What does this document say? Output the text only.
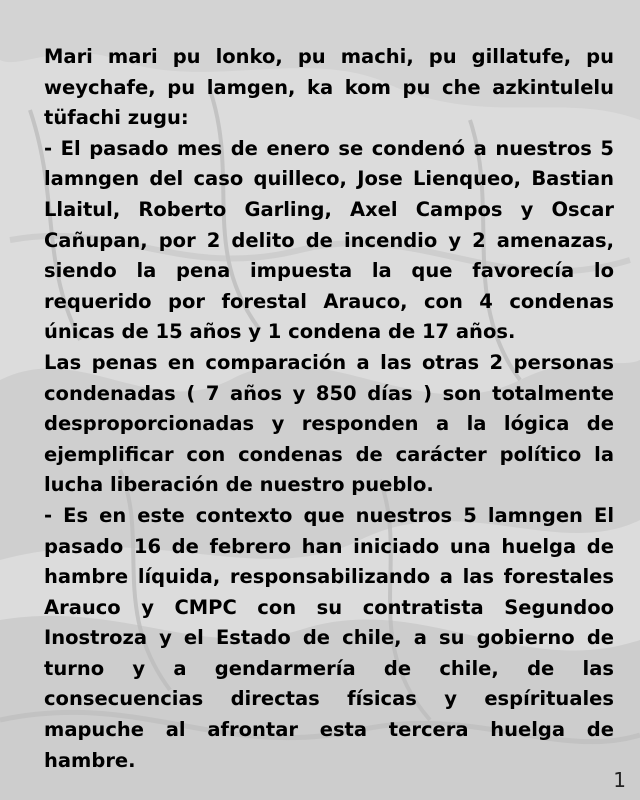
Mari mari pu lonko, pu machi, pu gillatufe, pu weychafe, pu lamgen, ka kom pu che azkintulelu tüfachi zugu:

- El pasado mes de enero se condenó a nuestros 5 lamngen del caso quilleco, Jose Lienqueo, Bastian Llaitul, Roberto Garling, Axel Campos y Oscar Cañupan, por 2 delito de incendio y 2 amenazas, siendo la pena impuesta la que favorecía lo requerido por forestal Arauco, con 4 condenas únicas de 15 años y 1 condena de 17 años.

Las penas en comparación a las otras 2 personas condenadas ( 7 años y 850 días ) son totalmente desproporcionadas y responden a la lógica de ejemplificar con condenas de carácter político la lucha liberación de nuestro pueblo.

- Es en este contexto que nuestros 5 lamngen El pasado 16 de febrero han iniciado una huelga de hambre líquida, responsabilizando a las forestales Arauco y CMPC con su contratista Segundoo Inostroza y el Estado de chile, a su gobierno de turno y a gendarmería de chile, de las consecuencias directas físicas y espírituales mapuche al afrontar esta tercera huelga de hambre.

1
